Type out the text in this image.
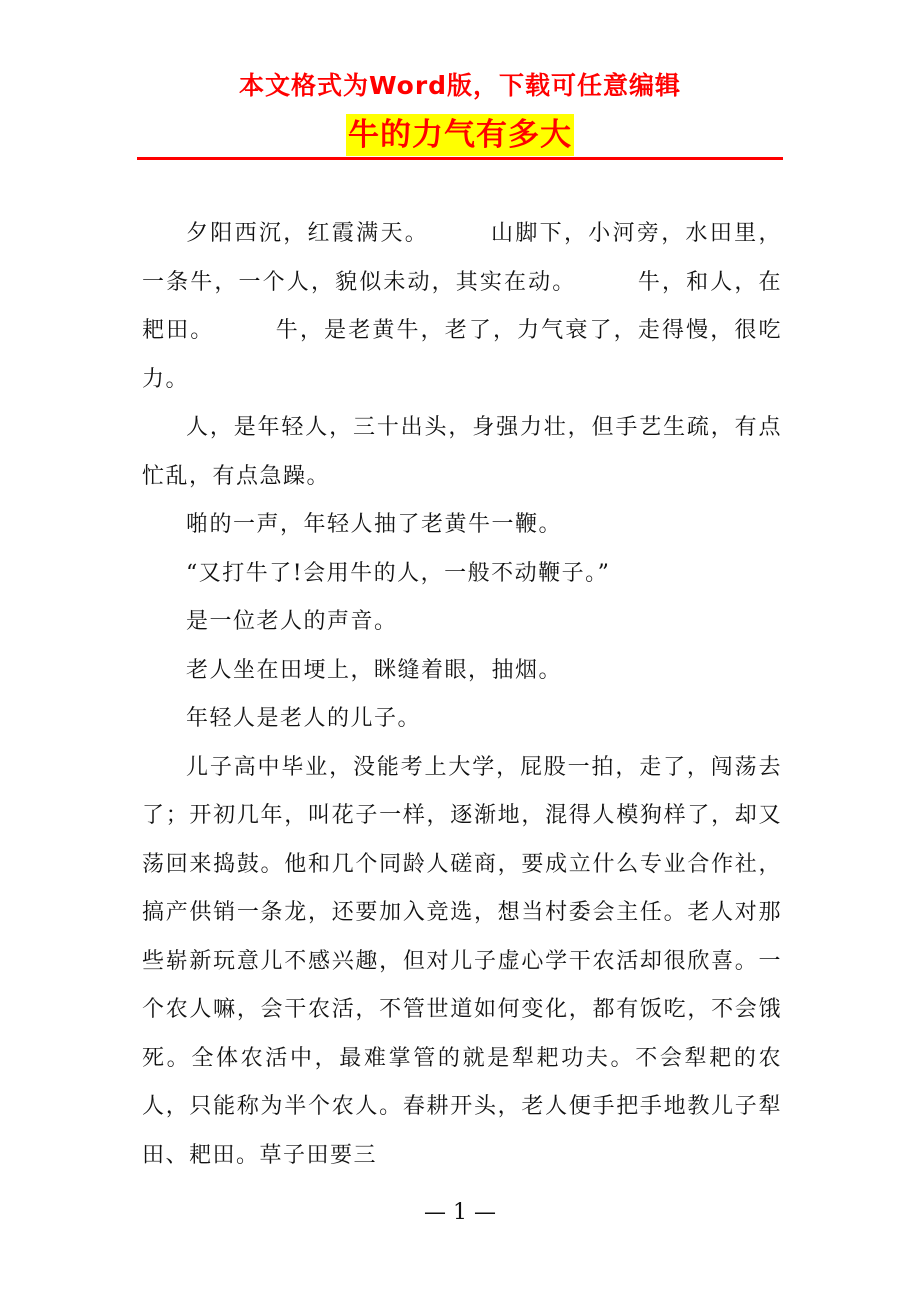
本文格式为Word版，下载可任意编辑
牛的力气有多大

夕阳西沉，红霞满天。　　　山脚下，小河旁，水田里，一条牛，一个人，貌似未动，其实在动。　　　牛，和人，在耙田。　　　牛，是老黄牛，老了，力气衰了，走得慢，很吃力。

人，是年轻人，三十出头，身强力壮，但手艺生疏，有点忙乱，有点急躁。

啪的一声，年轻人抽了老黄牛一鞭。

“又打牛了!会用牛的人，一般不动鞭子。”

是一位老人的声音。

老人坐在田埂上，眯缝着眼，抽烟。

年轻人是老人的儿子。

儿子高中毕业，没能考上大学，屁股一拍，走了，闯荡去了；开初几年，叫花子一样，逐渐地，混得人模狗样了，却又荡回来捣鼓。他和几个同龄人磋商，要成立什么专业合作社，搞产供销一条龙，还要加入竞选，想当村委会主任。老人对那些崭新玩意儿不感兴趣，但对儿子虚心学干农活却很欣喜。一个农人嘛，会干农活，不管世道如何变化，都有饭吃，不会饿死。全体农活中，最难掌管的就是犁耙功夫。不会犁耙的农人，只能称为半个农人。春耕开头，老人便手把手地教儿子犁田、耙田。草子田要三

— 1 —
